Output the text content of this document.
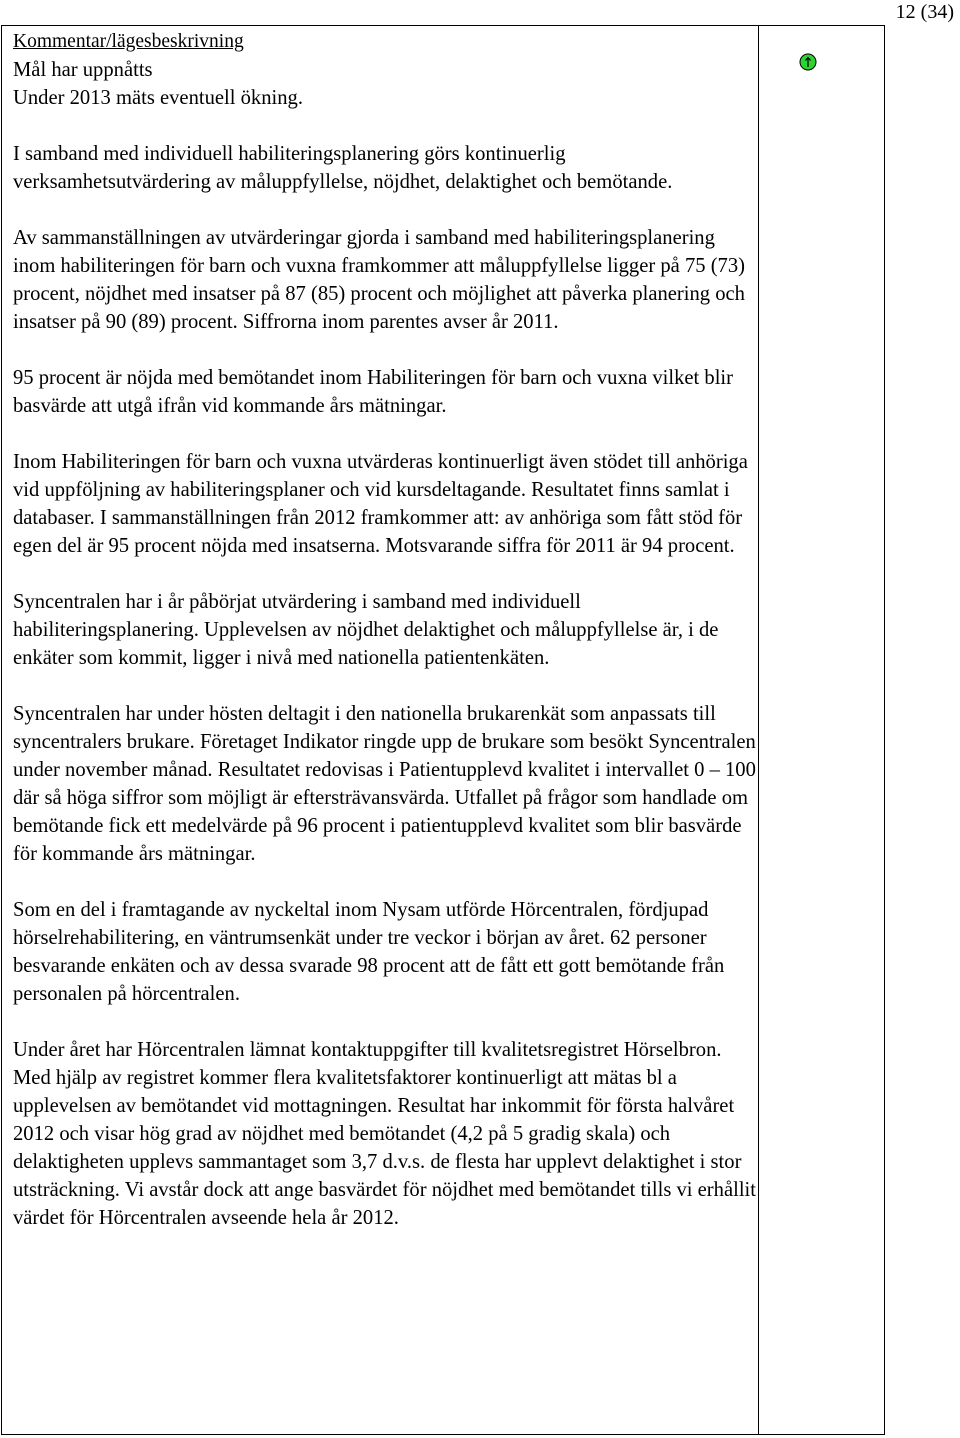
12 (34)

Kommentar/lägesbeskrivning

Mål har uppnåtts

Under 2013 mäts eventuell ökning.

I samband med individuell habiliteringsplanering görs kontinuerlig verksamhetsutvärdering av måluppfyllelse, nöjdhet, delaktighet och bemötande.

Av sammanställningen av utvärderingar gjorda i samband med habiliteringsplanering inom habiliteringen för barn och vuxna framkommer att måluppfyllelse ligger på 75 (73) procent, nöjdhet med insatser på 87 (85) procent och möjlighet att påverka planering och insatser på 90 (89) procent. Siffrorna inom parentes avser år 2011.

95 procent är nöjda med bemötandet inom Habiliteringen för barn och vuxna vilket blir basvärde att utgå ifrån vid kommande års mätningar.

Inom Habiliteringen för barn och vuxna utvärderas kontinuerligt även stödet till anhöriga vid uppföljning av habiliteringsplaner och vid kursdeltagande. Resultatet finns samlat i databaser. I sammanställningen från 2012 framkommer att: av anhöriga som fått stöd för egen del är 95 procent nöjda med insatserna. Motsvarande siffra för 2011 är 94 procent.

Syncentralen har i år påbörjat utvärdering i samband med individuell habiliteringsplanering. Upplevelsen av nöjdhet delaktighet och måluppfyllelse är, i de enkäter som kommit, ligger i nivå med nationella patientenkäten.

Syncentralen har under hösten deltagit i den nationella brukarenkät som anpassats till syncentralers brukare. Företaget Indikator ringde upp de brukare som besökt Syncentralen under november månad. Resultatet redovisas i Patientupplevd kvalitet i intervallet 0 – 100 där så höga siffror som möjligt är eftersträvansvärda. Utfallet på frågor som handlade om bemötande fick ett medelvärde på 96 procent i patientupplevd kvalitet som blir basvärde för kommande års mätningar.

Som en del i framtagande av nyckeltal inom Nysam utförde Hörcentralen, fördjupad hörselrehabilitering, en väntrumsenkät under tre veckor i början av året. 62 personer besvarande enkäten och av dessa svarade 98 procent att de fått ett gott bemötande från personalen på hörcentralen.

Under året har Hörcentralen lämnat kontaktuppgifter till kvalitetsregistret Hörselbron. Med hjälp av registret kommer flera kvalitetsfaktorer kontinuerligt att mätas bl a upplevelsen av bemötandet vid mottagningen. Resultat har inkommit för första halvåret 2012 och visar hög grad av nöjdhet med bemötandet (4,2 på 5 gradig skala) och delaktigheten upplevs sammantaget som 3,7 d.v.s. de flesta har upplevt delaktighet i stor utsträckning. Vi avstår dock att ange basvärdet för nöjdhet med bemötandet tills vi erhållit värdet för Hörcentralen avseende hela år 2012.
